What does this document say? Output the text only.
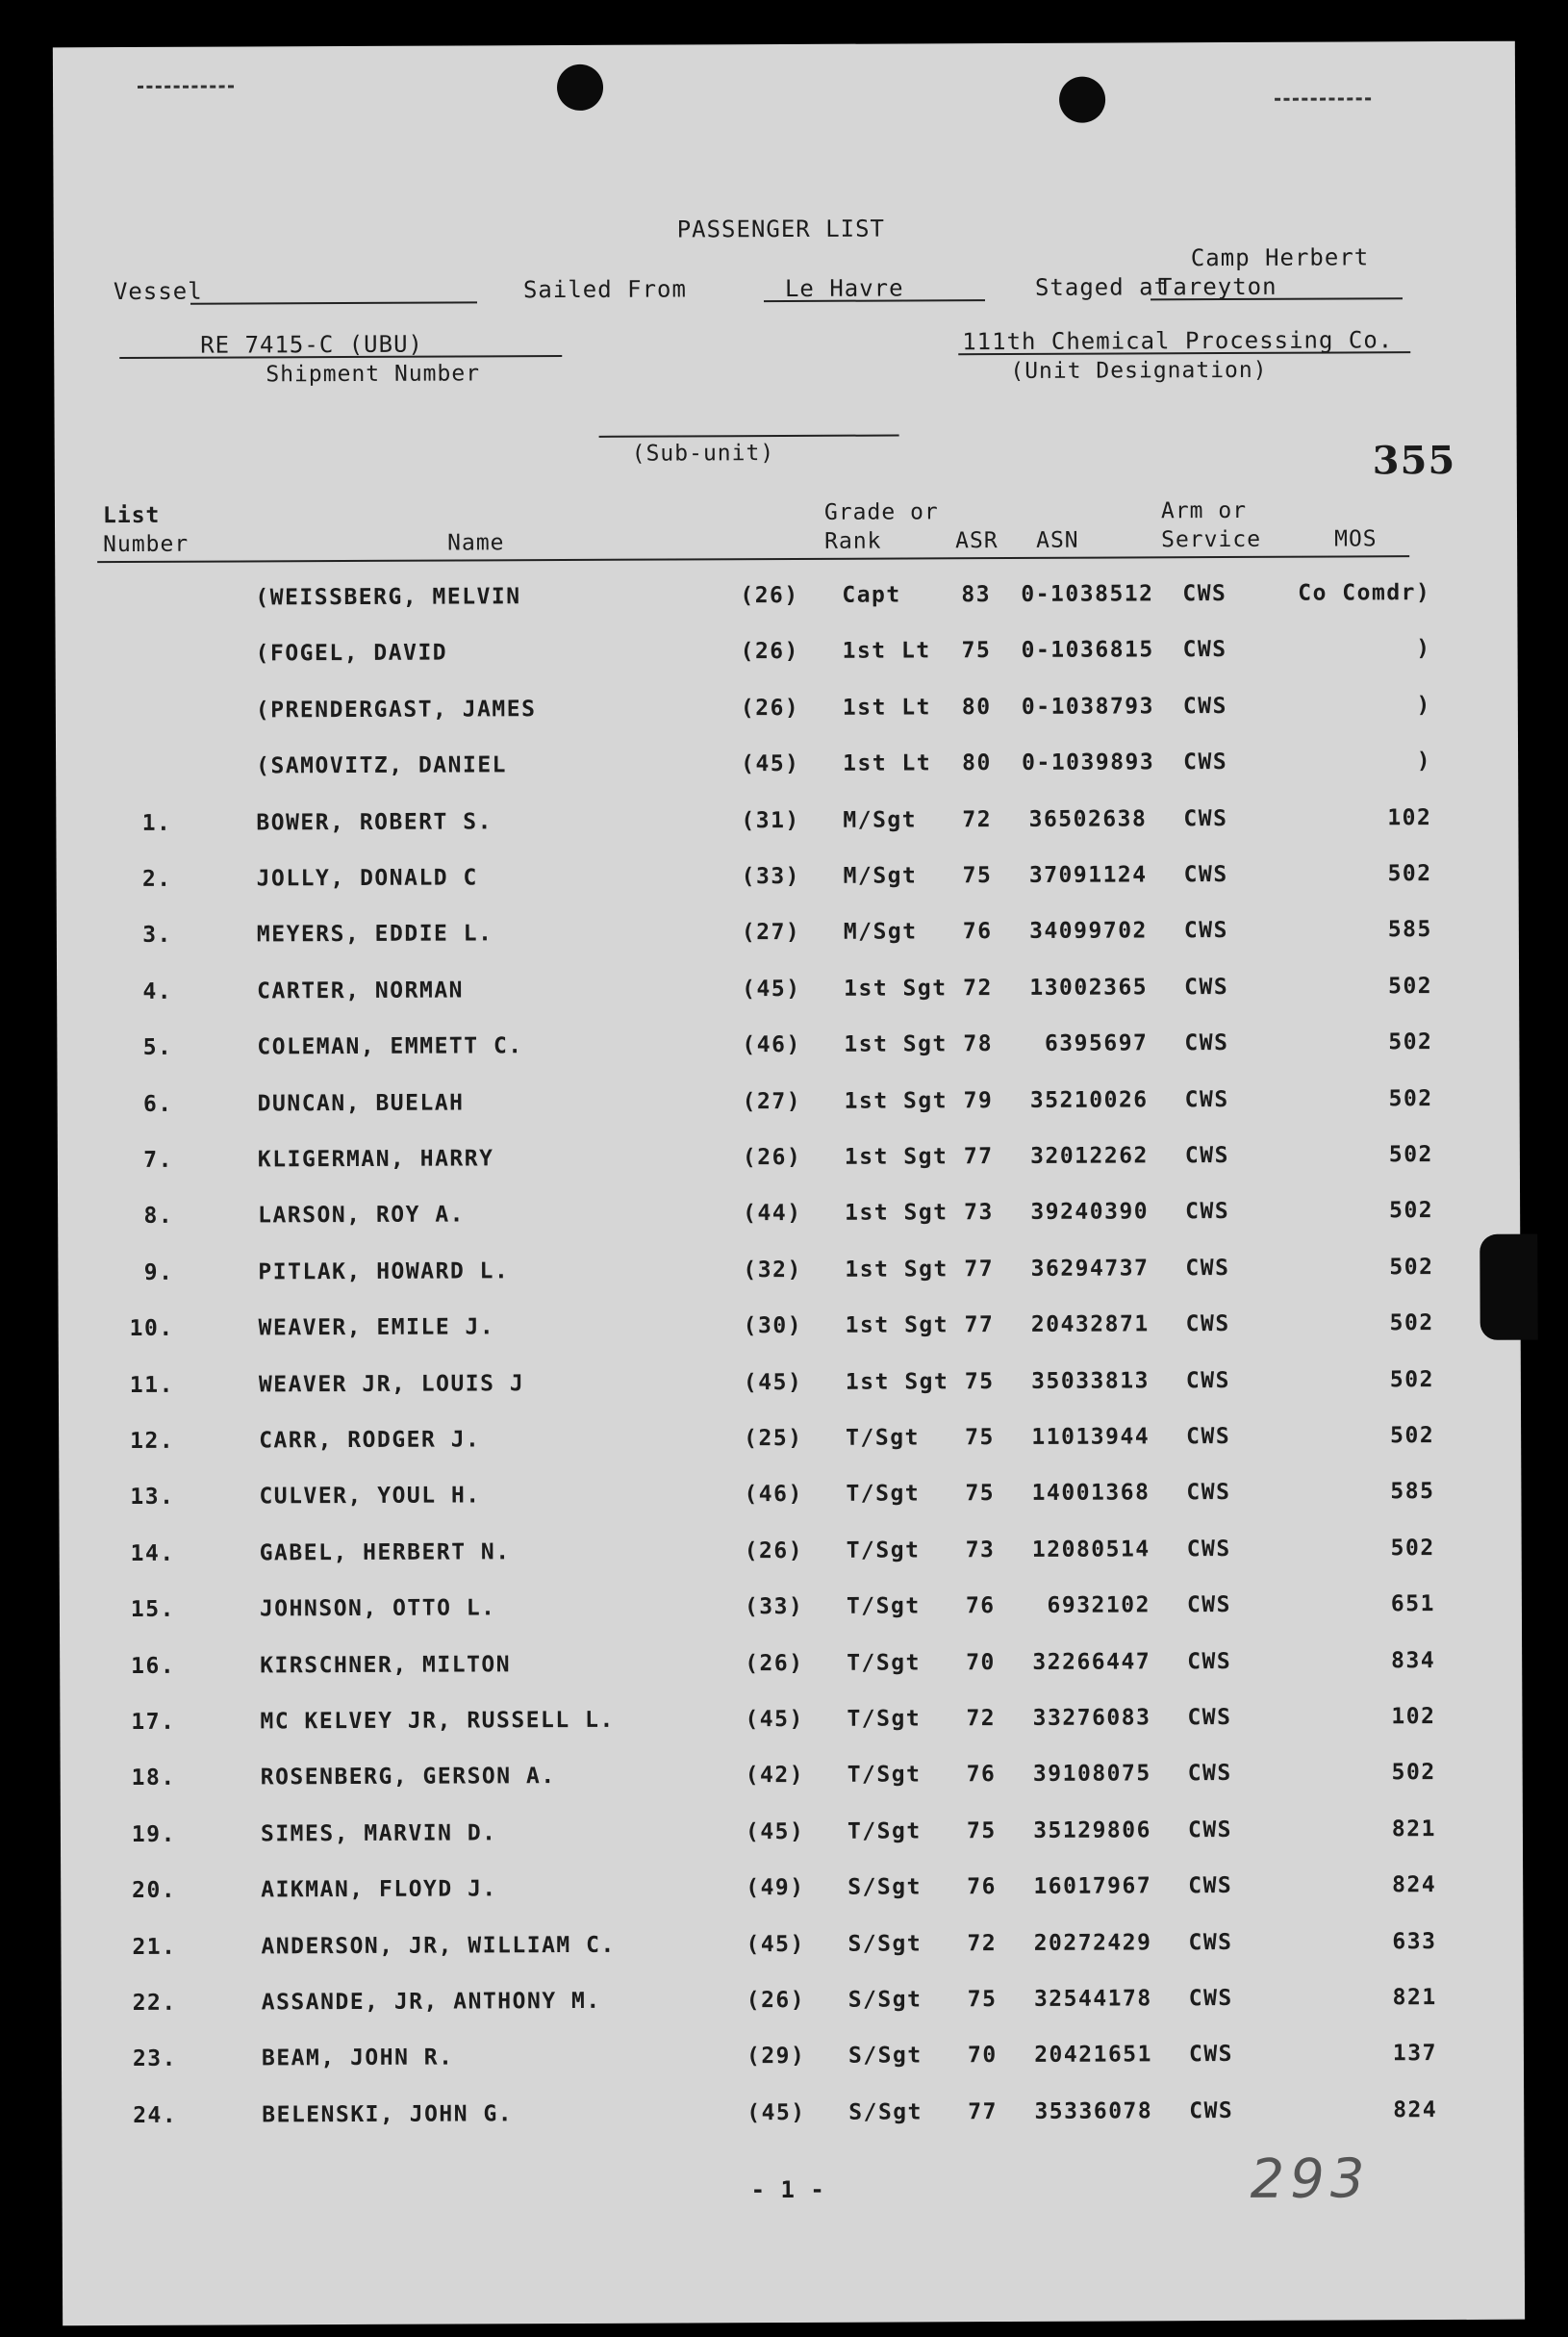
PASSENGER LIST
Camp Herbert
Vessel	Sailed From	Le Havre	Staged at
Tareyton
RE 7415-C (UBU)
Shipment Number
111th Chemical Processing Co.
(Unit Designation)
(Sub-unit)	355
List
Number	Name
Grade or
Rank	ASR ASN
Arm or
Service	MOS
(WEISSBERG, MELVIN	(26)	Capt	83	0-1038512 CWS	Co Comdr)
(FOGEL, DAVID	(26)	1st Lt	75	0-1036815 CWS	)
(PRENDERGAST, JAMES	(26)	1st Lt	80	0-1038793 CWS	)
(SAMOVITZ, DANIEL	(45)	1st Lt	80	0-1039893 CWS	)
1.	BOWER, ROBERT S.	(31)	M/Sgt	72	36502638 CWS	102
2.	JOLLY, DONALD C	(33)	M/Sgt	75	37091124 CWS	502
3.	MEYERS, EDDIE L.	(27)	M/Sgt	76	34099702 CWS	585
4.	CARTER, NORMAN	(45)	1st Sgt 72	13002365 CWS	502
5.	COLEMAN, EMMETT C.	(46)	1st Sgt 78	6395697 CWS	502
6.	DUNCAN, BUELAH	(27)	1st Sgt 79	35210026 CWS	502
7.	KLIGERMAN, HARRY	(26)	1st Sgt 77	32012262 CWS	502
8.	LARSON, ROY A.	(44)	1st Sgt 73	39240390 CWS	502
9.	PITLAK, HOWARD L.	(32)	1st Sgt 77	36294737 CWS	502
10.	WEAVER, EMILE J.	(30)	1st Sgt 77	20432871 CWS	502
11.	WEAVER JR, LOUIS J	(45)	1st Sgt 75	35033813 CWS	502
12.	CARR, RODGER J.	(25)	T/Sgt	75	11013944 CWS	502
13.	CULVER, YOUL H.	(46)	T/Sgt	75	14001368 CWS	585
14.	GABEL, HERBERT N.	(26)	T/Sgt	73	12080514 CWS	502
15.	JOHNSON, OTTO L.	(33)	T/Sgt	76	6932102 CWS	651
16.	KIRSCHNER, MILTON	(26)	T/Sgt	70	32266447 CWS	834
17.	MC KELVEY JR, RUSSELL L.	(45)	T/Sgt	72	33276083 CWS	102
18.	ROSENBERG, GERSON A.	(42)	T/Sgt	76	39108075 CWS	502
19.	SIMES, MARVIN D.	(45)	T/Sgt	75	35129806 CWS	821
20.	AIKMAN, FLOYD J.	(49)	S/Sgt	76	16017967 CWS	824
21.	ANDERSON, JR, WILLIAM C.	(45)	S/Sgt	72	20272429 CWS	633
22.	ASSANDE, JR, ANTHONY M.	(26)	S/Sgt	75	32544178 CWS	821
23.	BEAM, JOHN R.	(29)	S/Sgt	70	20421651 CWS	137
24.	BELENSKI, JOHN G.	(45)	S/Sgt	77	35336078 CWS	824
- 1 -	293
